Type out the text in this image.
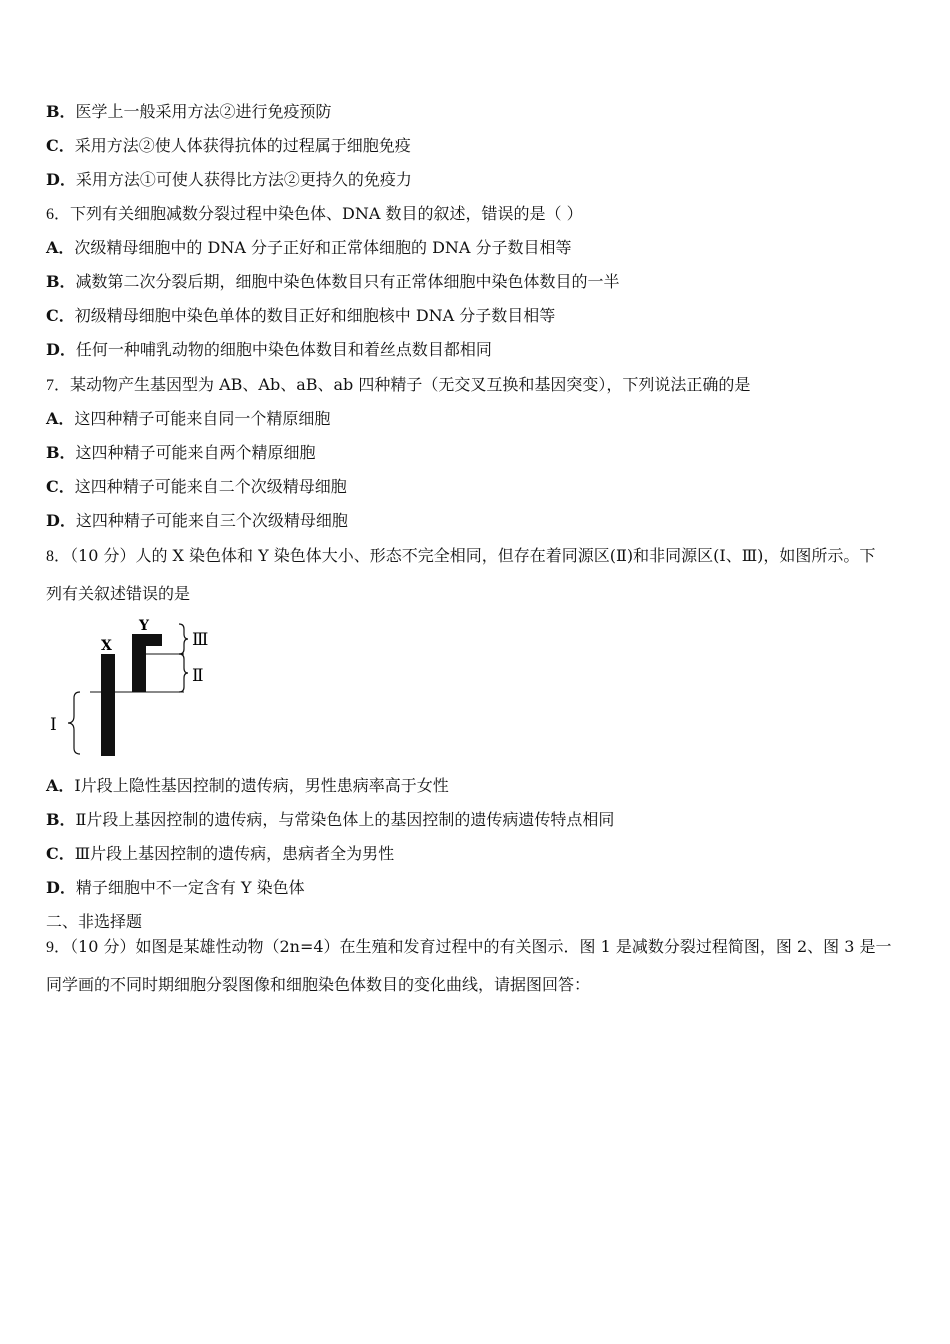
B．医学上一般采用方法②进行免疫预防
C．采用方法②使人体获得抗体的过程属于细胞免疫
D．采用方法①可使人获得比方法②更持久的免疫力
6．下列有关细胞减数分裂过程中染色体、DNA 数目的叙述，错误的是（ ）
A．次级精母细胞中的 DNA 分子正好和正常体细胞的 DNA 分子数目相等
B．减数第二次分裂后期，细胞中染色体数目只有正常体细胞中染色体数目的一半
C．初级精母细胞中染色单体的数目正好和细胞核中 DNA 分子数目相等
D．任何一种哺乳动物的细胞中染色体数目和着丝点数目都相同
7．某动物产生基因型为 AB、Ab、aB、ab 四种精子（无交叉互换和基因突变），下列说法正确的是
A．这四种精子可能来自同一个精原细胞
B．这四种精子可能来自两个精原细胞
C．这四种精子可能来自二个次级精母细胞
D．这四种精子可能来自三个次级精母细胞
8．（10 分）人的 X 染色体和 Y 染色体大小、形态不完全相同，但存在着同源区(Ⅱ)和非同源区(Ⅰ、Ⅲ)，如图所示。下
列有关叙述错误的是
X
Y
Ⅲ
Ⅱ
Ⅰ
A．Ⅰ片段上隐性基因控制的遗传病，男性患病率高于女性
B．Ⅱ片段上基因控制的遗传病，与常染色体上的基因控制的遗传病遗传特点相同
C．Ⅲ片段上基因控制的遗传病，患病者全为男性
D．精子细胞中不一定含有 Y 染色体
二、非选择题
9．（10 分）如图是某雄性动物（2n=4）在生殖和发育过程中的有关图示．图 1 是减数分裂过程简图，图 2、图 3 是一
同学画的不同时期细胞分裂图像和细胞染色体数目的变化曲线，请据图回答：
